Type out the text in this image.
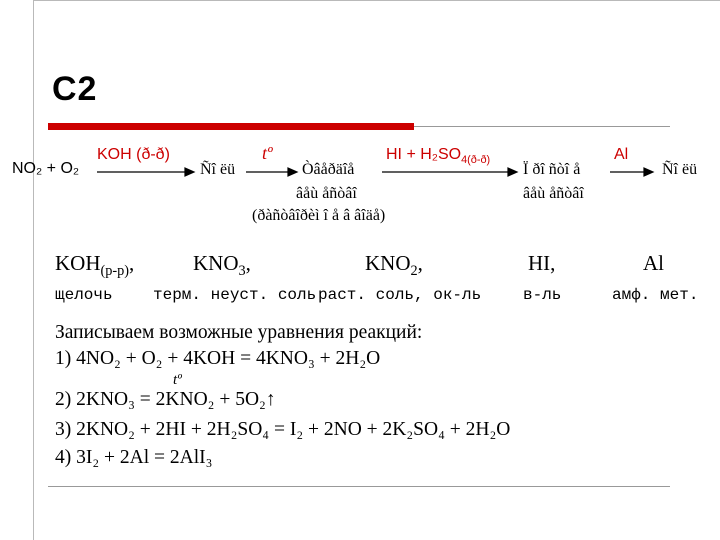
C2
NO₂ + O₂
KOH (ð-ð)
Ñî ëü
tº
Òâåðäîå
âåù åñòâî
(ðàñòâîðèì î å â âîäå)
HI + $H_2SO_{4(ð-ð)}$
Ï ðî ñòî å
âåù åñòâî
Al
Ñî ëü
$KOH_{(р-р)}$,
щелочь
$KNO_3$,
терм. неуст. соль
$KNO_2$,
раст. соль, ок-ль
HI,
в-ль
Al
амф. мет.
Записываем возможные уравнения реакций:
1) 4NO₂ + O₂ + 4KOH = 4KNO₃ + 2H₂O
tº
2) 2KNO₃ = 2KNO₂ + 5O₂↑
3) 2KNO₂ + 2HI + 2H₂SO₄ = I₂ + 2NO + 2K₂SO₄ + 2H₂O
4) 3I₂ + 2Al = 2AlI₃
